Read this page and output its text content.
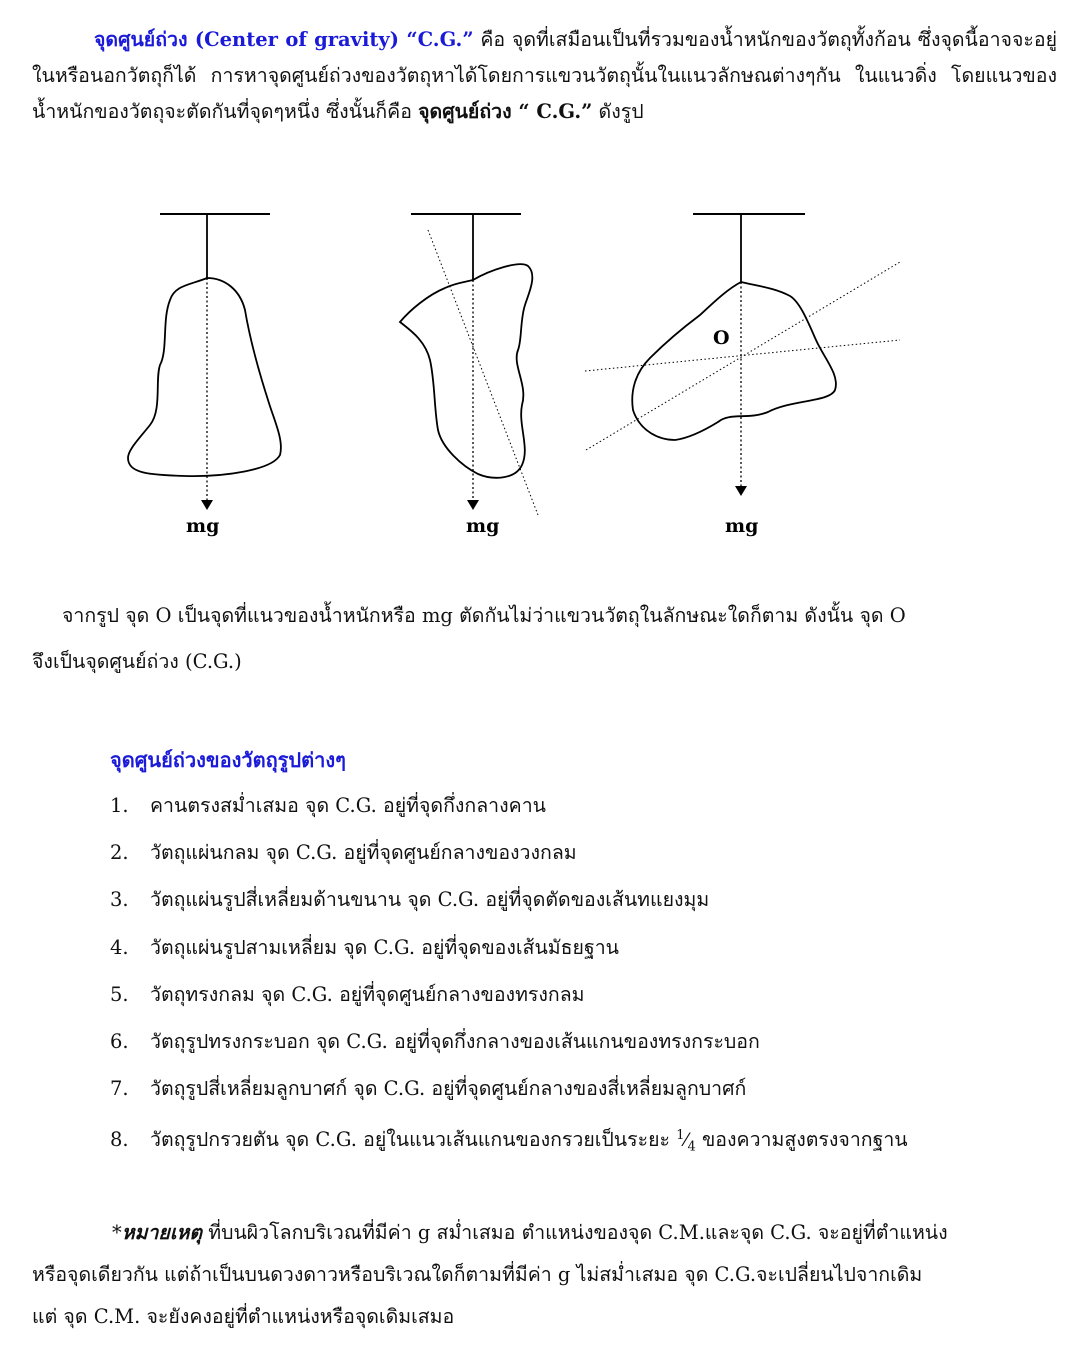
จุดศูนย์ถ่วง (Center of gravity) “C.G.” คือ จุดที่เสมือนเป็นที่รวมของน้ำหนักของวัตถุทั้งก้อน ซึ่งจุดนี้อาจจะอยู่ในหรือนอกวัตถุก็ได้ การหาจุดศูนย์ถ่วงของวัตถุหาได้โดยการแขวนวัตถุนั้นในแนวลักษณต่างๆกัน ในแนวดิ่ง โดยแนวของน้ำหนักของวัตถุจะตัดกันที่จุดๆหนึ่ง ซึ่งนั้นก็คือ จุดศูนย์ถ่วง “ C.G.” ดังรูป
mg	mg
O
mg
จากรูป จุด O เป็นจุดที่แนวของน้ำหนักหรือ mg ตัดกันไม่ว่าแขวนวัตถุในลักษณะใดก็ตาม ดังนั้น จุด O
จึงเป็นจุดศูนย์ถ่วง (C.G.)
จุดศูนย์ถ่วงของวัตถุรูปต่างๆ
1. คานตรงสม่ำเสมอ จุด C.G. อยู่ที่จุดกึ่งกลางคาน
2. วัตถุแผ่นกลม จุด C.G. อยู่ที่จุดศูนย์กลางของวงกลม
3. วัตถุแผ่นรูปสี่เหลี่ยมด้านขนาน จุด C.G. อยู่ที่จุดตัดของเส้นทแยงมุม
4. วัตถุแผ่นรูปสามเหลี่ยม จุด C.G. อยู่ที่จุดของเส้นมัธยฐาน
5. วัตถุทรงกลม จุด C.G. อยู่ที่จุดศูนย์กลางของทรงกลม
6. วัตถุรูปทรงกระบอก จุด C.G. อยู่ที่จุดกึ่งกลางของเส้นแกนของทรงกระบอก
7. วัตถุรูปสี่เหลี่ยมลูกบาศก์ จุด C.G. อยู่ที่จุดศูนย์กลางของสี่เหลี่ยมลูกบาศก์
8. วัตถุรูปกรวยตัน จุด C.G. อยู่ในแนวเส้นแกนของกรวยเป็นระยะ $^1⁄_4$ ของความสูงตรงจากฐาน
*หมายเหตุ ที่บนผิวโลกบริเวณที่มีค่า g สม่ำเสมอ ตำแหน่งของจุด C.M.และจุด C.G. จะอยู่ที่ตำแหน่ง
หรือจุดเดียวกัน แต่ถ้าเป็นบนดวงดาวหรือบริเวณใดก็ตามที่มีค่า g ไม่สม่ำเสมอ จุด C.G.จะเปลี่ยนไปจากเดิม
แต่ จุด C.M. จะยังคงอยู่ที่ตำแหน่งหรือจุดเดิมเสมอ
